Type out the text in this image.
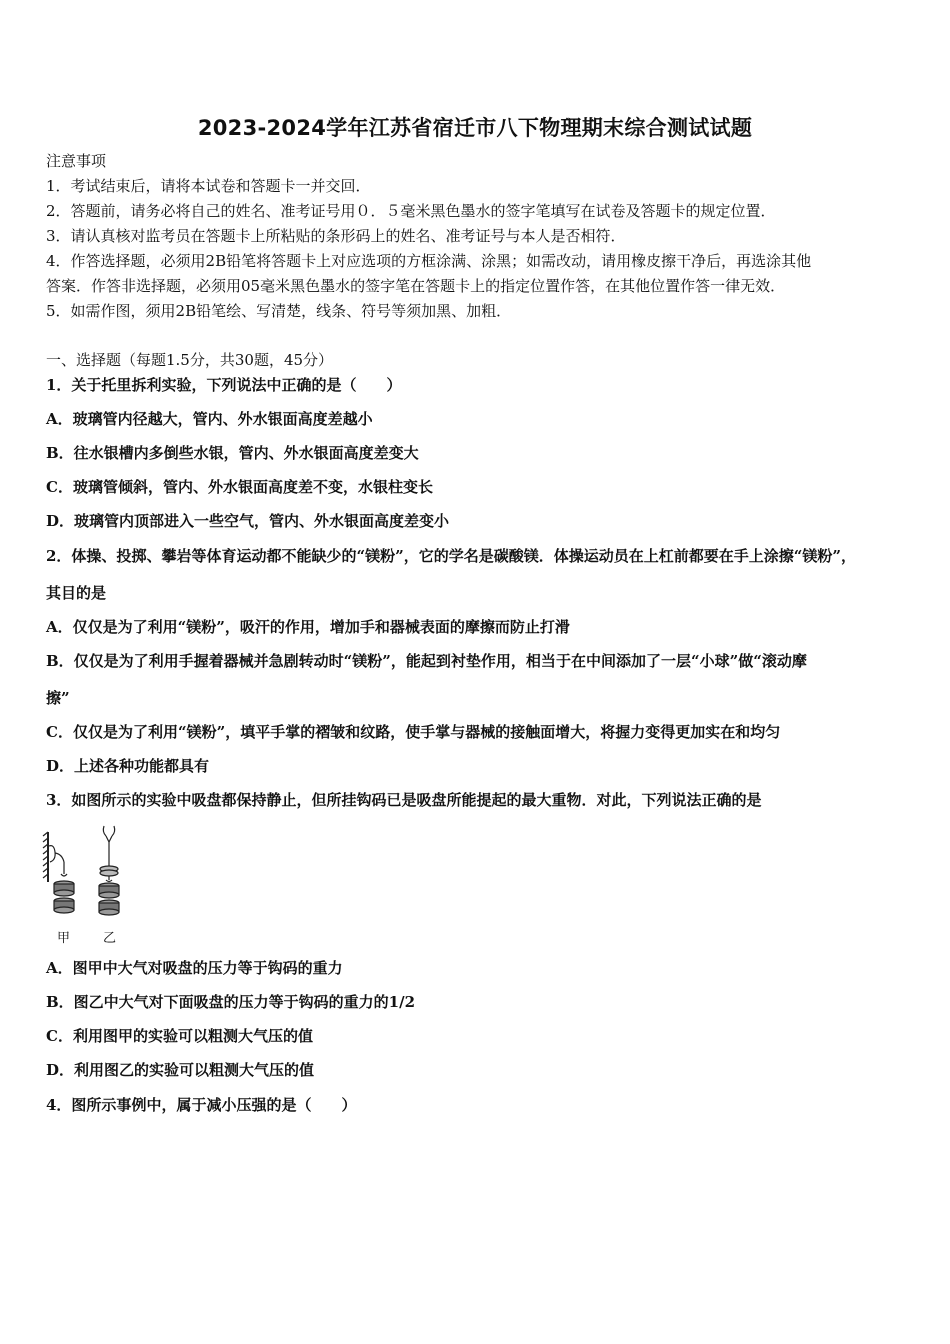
2023-2024学年江苏省宿迁市八下物理期末综合测试试题
注意事项
1．考试结束后，请将本试卷和答题卡一并交回．
2．答题前，请务必将自己的姓名、准考证号用０．５毫米黑色墨水的签字笔填写在试卷及答题卡的规定位置．
3．请认真核对监考员在答题卡上所粘贴的条形码上的姓名、准考证号与本人是否相符．
4．作答选择题，必须用2B铅笔将答题卡上对应选项的方框涂满、涂黑；如需改动，请用橡皮擦干净后，再选涂其他
答案．作答非选择题，必须用05毫米黑色墨水的签字笔在答题卡上的指定位置作答，在其他位置作答一律无效．
5．如需作图，须用2B铅笔绘、写清楚，线条、符号等须加黑、加粗．
一、选择题（每题1.5分，共30题，45分）
1．关于托里拆利实验，下列说法中正确的是（　　）
A．玻璃管内径越大，管内、外水银面高度差越小
B．往水银槽内多倒些水银，管内、外水银面高度差变大
C．玻璃管倾斜，管内、外水银面高度差不变，水银柱变长
D．玻璃管内顶部进入一些空气，管内、外水银面高度差变小
2．体操、投掷、攀岩等体育运动都不能缺少的“镁粉”，它的学名是碳酸镁．体操运动员在上杠前都要在手上涂擦“镁粉”，
其目的是
A．仅仅是为了利用“镁粉”，吸汗的作用，增加手和器械表面的摩擦而防止打滑
B．仅仅是为了利用手握着器械并急剧转动时“镁粉”，能起到衬垫作用，相当于在中间添加了一层“小球”做“滚动摩
擦”
C．仅仅是为了利用“镁粉”，填平手掌的褶皱和纹路，使手掌与器械的接触面增大，将握力变得更加实在和均匀
D．上述各种功能都具有
3．如图所示的实验中吸盘都保持静止，但所挂钩码已是吸盘所能提起的最大重物．对此，下列说法正确的是
甲	乙
A．图甲中大气对吸盘的压力等于钩码的重力
B．图乙中大气对下面吸盘的压力等于钩码的重力的1/2
C．利用图甲的实验可以粗测大气压的值
D．利用图乙的实验可以粗测大气压的值
4．图所示事例中，属于减小压强的是（　　）
